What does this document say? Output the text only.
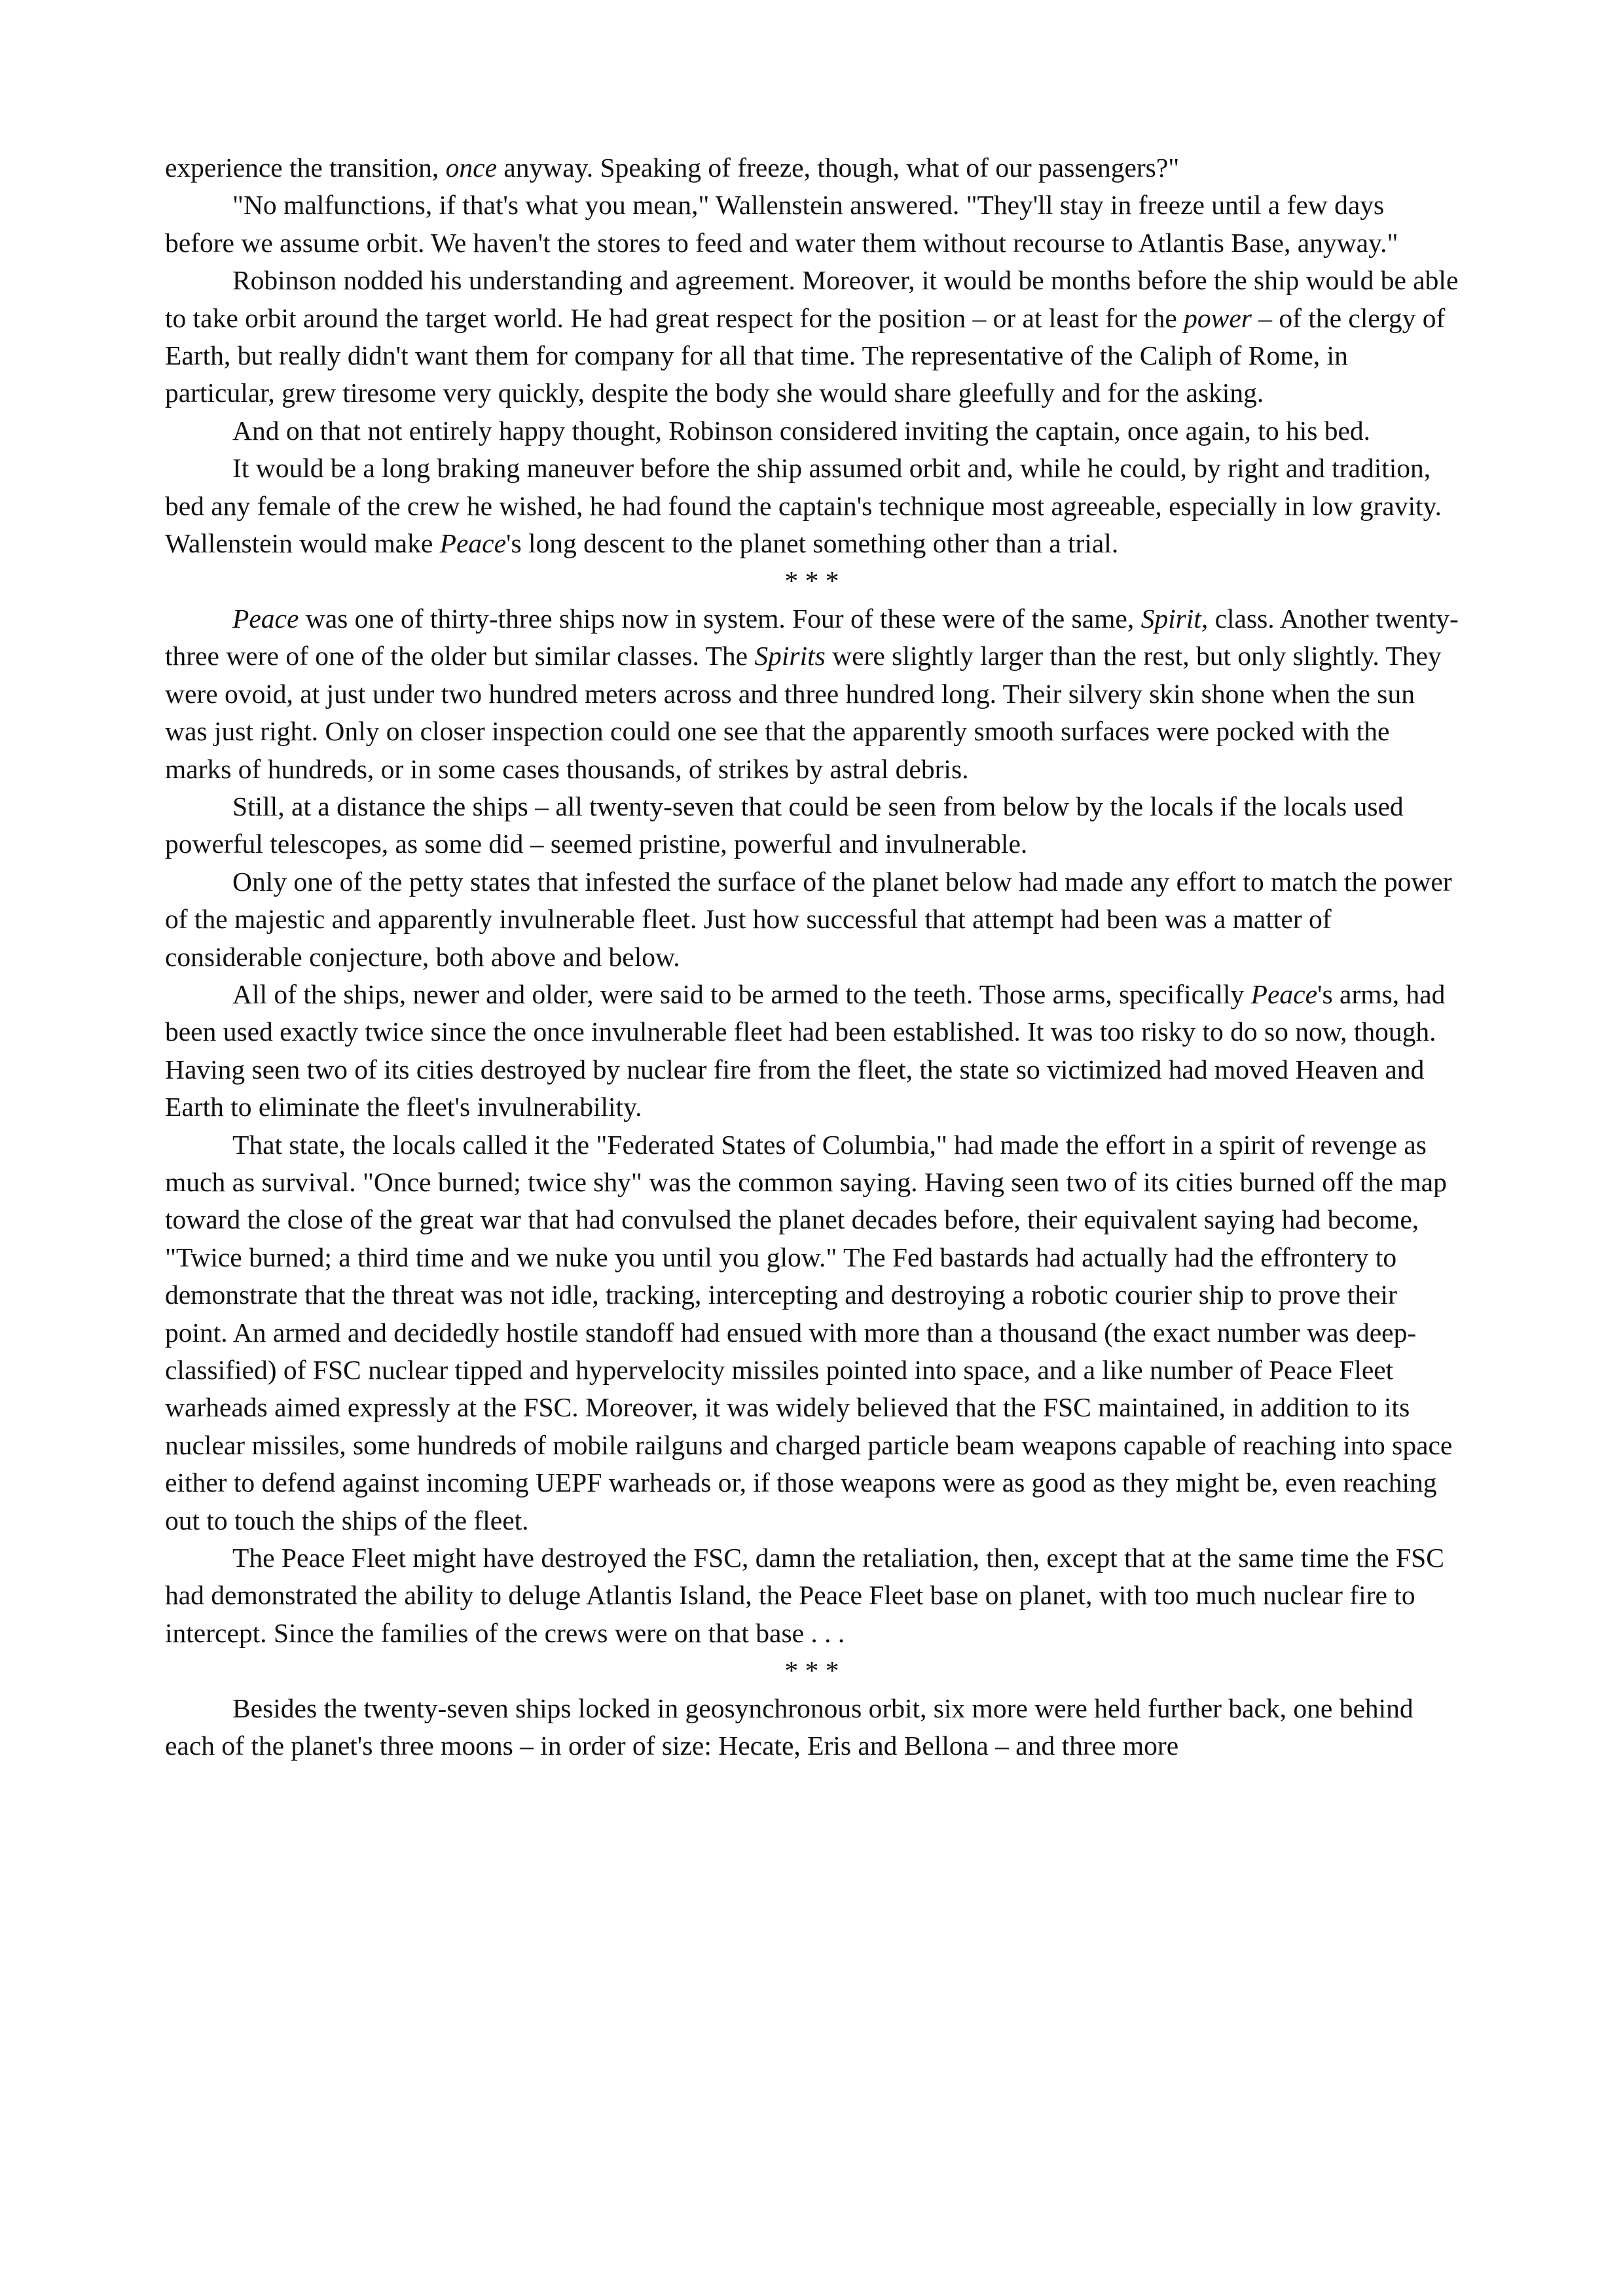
experience the transition, once anyway. Speaking of freeze, though, what of our passengers?"

"No malfunctions, if that's what you mean," Wallenstein answered. "They'll stay in freeze until a few days before we assume orbit. We haven't the stores to feed and water them without recourse to Atlantis Base, anyway."

Robinson nodded his understanding and agreement. Moreover, it would be months before the ship would be able to take orbit around the target world. He had great respect for the position – or at least for the power – of the clergy of Earth, but really didn't want them for company for all that time. The representative of the Caliph of Rome, in particular, grew tiresome very quickly, despite the body she would share gleefully and for the asking.

And on that not entirely happy thought, Robinson considered inviting the captain, once again, to his bed.

It would be a long braking maneuver before the ship assumed orbit and, while he could, by right and tradition, bed any female of the crew he wished, he had found the captain's technique most agreeable, especially in low gravity. Wallenstein would make Peace's long descent to the planet something other than a trial.

* * *

Peace was one of thirty-three ships now in system. Four of these were of the same, Spirit, class. Another twenty-three were of one of the older but similar classes. The Spirits were slightly larger than the rest, but only slightly. They were ovoid, at just under two hundred meters across and three hundred long. Their silvery skin shone when the sun was just right. Only on closer inspection could one see that the apparently smooth surfaces were pocked with the marks of hundreds, or in some cases thousands, of strikes by astral debris.

Still, at a distance the ships – all twenty-seven that could be seen from below by the locals if the locals used powerful telescopes, as some did – seemed pristine, powerful and invulnerable.

Only one of the petty states that infested the surface of the planet below had made any effort to match the power of the majestic and apparently invulnerable fleet. Just how successful that attempt had been was a matter of considerable conjecture, both above and below.

All of the ships, newer and older, were said to be armed to the teeth. Those arms, specifically Peace's arms, had been used exactly twice since the once invulnerable fleet had been established. It was too risky to do so now, though. Having seen two of its cities destroyed by nuclear fire from the fleet, the state so victimized had moved Heaven and Earth to eliminate the fleet's invulnerability.

That state, the locals called it the "Federated States of Columbia," had made the effort in a spirit of revenge as much as survival. "Once burned; twice shy" was the common saying. Having seen two of its cities burned off the map toward the close of the great war that had convulsed the planet decades before, their equivalent saying had become, "Twice burned; a third time and we nuke you until you glow." The Fed bastards had actually had the effrontery to demonstrate that the threat was not idle, tracking, intercepting and destroying a robotic courier ship to prove their point. An armed and decidedly hostile standoff had ensued with more than a thousand (the exact number was deep-classified) of FSC nuclear tipped and hypervelocity missiles pointed into space, and a like number of Peace Fleet warheads aimed expressly at the FSC. Moreover, it was widely believed that the FSC maintained, in addition to its nuclear missiles, some hundreds of mobile railguns and charged particle beam weapons capable of reaching into space either to defend against incoming UEPF warheads or, if those weapons were as good as they might be, even reaching out to touch the ships of the fleet.

The Peace Fleet might have destroyed the FSC, damn the retaliation, then, except that at the same time the FSC had demonstrated the ability to deluge Atlantis Island, the Peace Fleet base on planet, with too much nuclear fire to intercept. Since the families of the crews were on that base . . .

* * *

Besides the twenty-seven ships locked in geosynchronous orbit, six more were held further back, one behind each of the planet's three moons – in order of size: Hecate, Eris and Bellona – and three more
